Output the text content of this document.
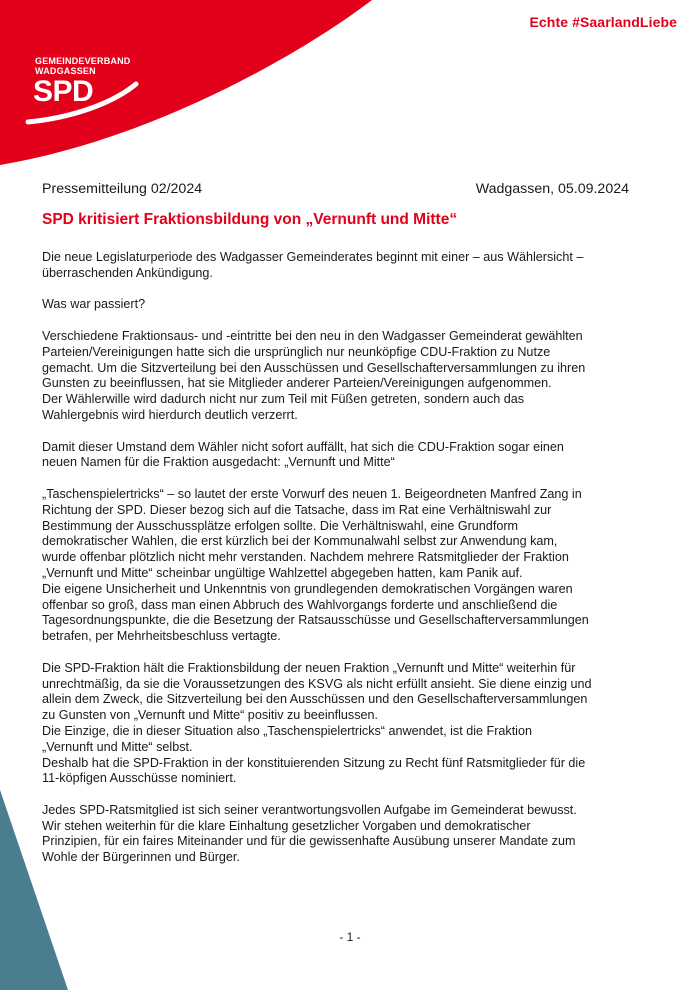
GEMEINDEVERBAND
WADGASSEN
SPD
Echte #SaarlandLiebe
Pressemitteilung 02/2024	Wadgassen, 05.09.2024
SPD kritisiert Fraktionsbildung von „Vernunft und Mitte“

Die neue Legislaturperiode des Wadgasser Gemeinderates beginnt mit einer – aus Wählersicht –
überraschenden Ankündigung.

Was war passiert?

Verschiedene Fraktionsaus- und -eintritte bei den neu in den Wadgasser Gemeinderat gewählten
Parteien/Vereinigungen hatte sich die ursprünglich nur neunköpfige CDU-Fraktion zu Nutze
gemacht. Um die Sitzverteilung bei den Ausschüssen und Gesellschafterversammlungen zu ihren
Gunsten zu beeinflussen, hat sie Mitglieder anderer Parteien/Vereinigungen aufgenommen.
Der Wählerwille wird dadurch nicht nur zum Teil mit Füßen getreten, sondern auch das
Wahlergebnis wird hierdurch deutlich verzerrt.

Damit dieser Umstand dem Wähler nicht sofort auffällt, hat sich die CDU-Fraktion sogar einen
neuen Namen für die Fraktion ausgedacht: „Vernunft und Mitte“

„Taschenspielertricks“ – so lautet der erste Vorwurf des neuen 1. Beigeordneten Manfred Zang in
Richtung der SPD. Dieser bezog sich auf die Tatsache, dass im Rat eine Verhältniswahl zur
Bestimmung der Ausschussplätze erfolgen sollte. Die Verhältniswahl, eine Grundform
demokratischer Wahlen, die erst kürzlich bei der Kommunalwahl selbst zur Anwendung kam,
wurde offenbar plötzlich nicht mehr verstanden. Nachdem mehrere Ratsmitglieder der Fraktion
„Vernunft und Mitte“ scheinbar ungültige Wahlzettel abgegeben hatten, kam Panik auf.
Die eigene Unsicherheit und Unkenntnis von grundlegenden demokratischen Vorgängen waren
offenbar so groß, dass man einen Abbruch des Wahlvorgangs forderte und anschließend die
Tagesordnungspunkte, die die Besetzung der Ratsausschüsse und Gesellschafterversammlungen
betrafen, per Mehrheitsbeschluss vertagte.

Die SPD-Fraktion hält die Fraktionsbildung der neuen Fraktion „Vernunft und Mitte“ weiterhin für
unrechtmäßig, da sie die Voraussetzungen des KSVG als nicht erfüllt ansieht. Sie diene einzig und
allein dem Zweck, die Sitzverteilung bei den Ausschüssen und den Gesellschafterversammlungen
zu Gunsten von „Vernunft und Mitte“ positiv zu beeinflussen.
Die Einzige, die in dieser Situation also „Taschenspielertricks“ anwendet, ist die Fraktion
„Vernunft und Mitte“ selbst.
Deshalb hat die SPD-Fraktion in der konstituierenden Sitzung zu Recht fünf Ratsmitglieder für die
11-köpfigen Ausschüsse nominiert.

Jedes SPD-Ratsmitglied ist sich seiner verantwortungsvollen Aufgabe im Gemeinderat bewusst.
Wir stehen weiterhin für die klare Einhaltung gesetzlicher Vorgaben und demokratischer
Prinzipien, für ein faires Miteinander und für die gewissenhafte Ausübung unserer Mandate zum
Wohle der Bürgerinnen und Bürger.

- 1 -
